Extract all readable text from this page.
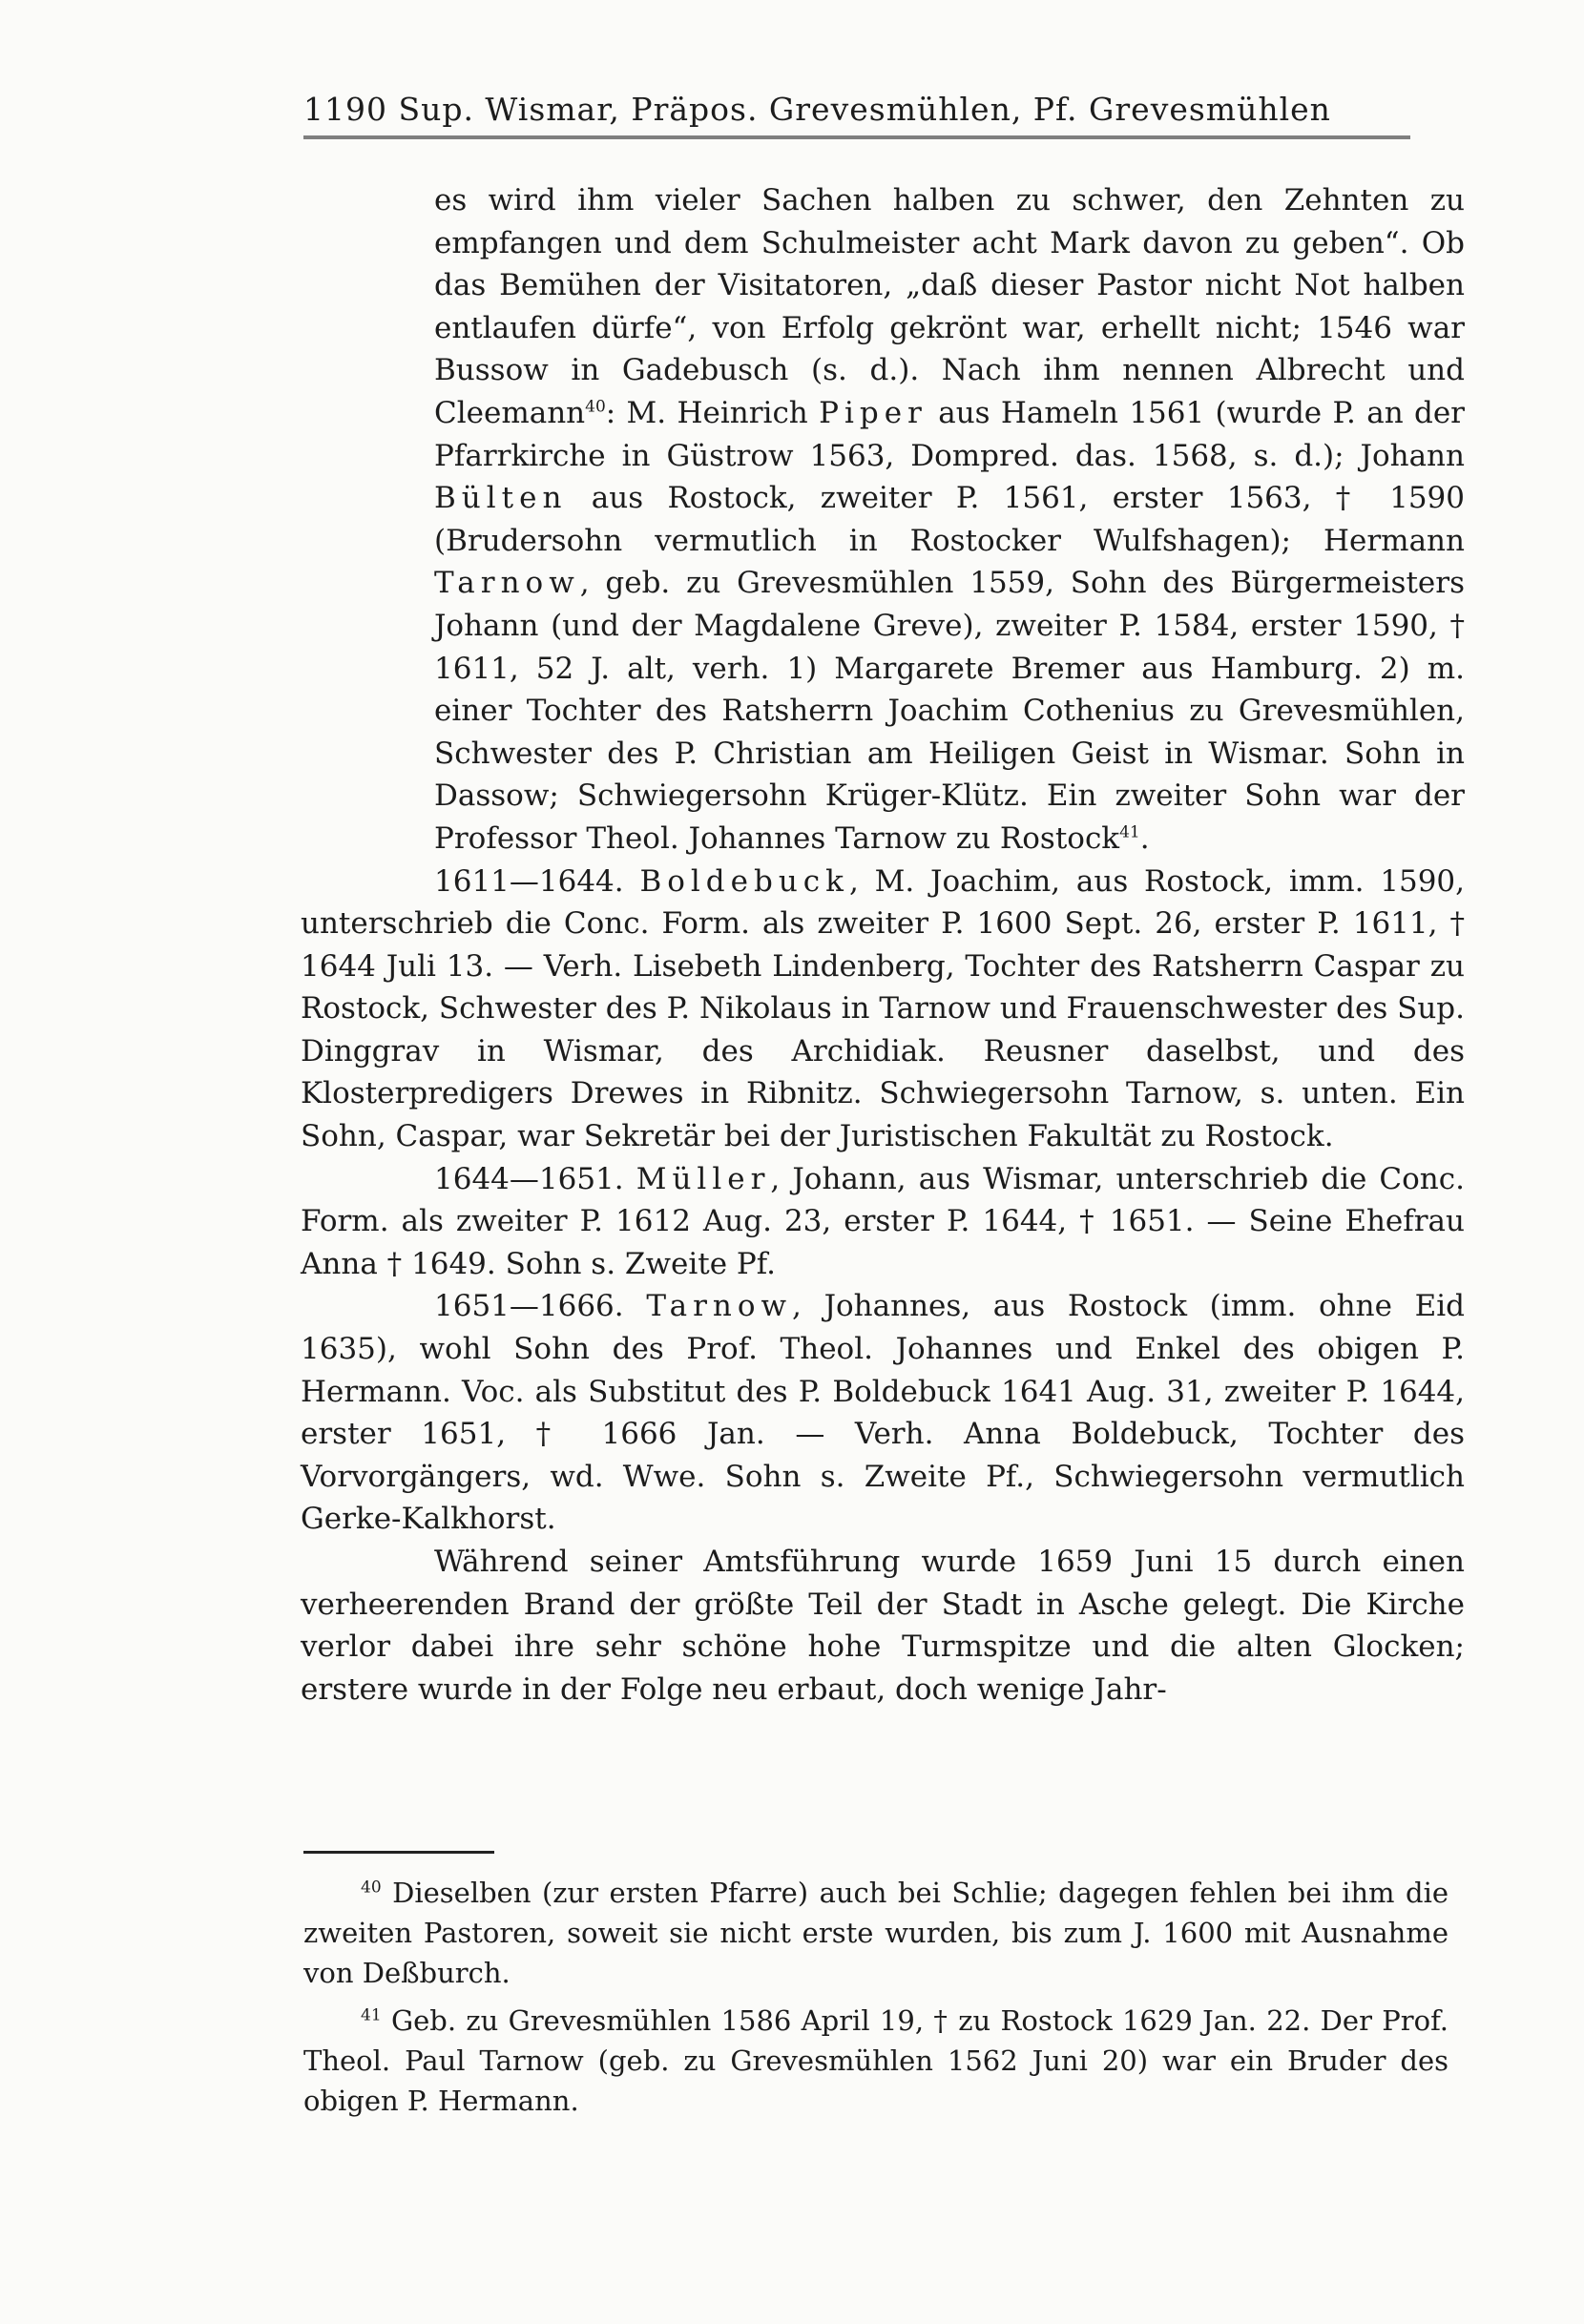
1190 Sup. Wismar, Präpos. Grevesmühlen, Pf. Grevesmühlen

es wird ihm vieler Sachen halben zu schwer, den Zehnten zu empfangen und dem Schulmeister acht Mark davon zu geben“. Ob das Bemühen der Visitatoren, „daß dieser Pastor nicht Not halben entlaufen dürfe“, von Erfolg gekrönt war, erhellt nicht; 1546 war Bussow in Gadebusch (s. d.). Nach ihm nennen Albrecht und Cleemann$^{40}$: M. Heinrich Piper aus Hameln 1561 (wurde P. an der Pfarrkirche in Güstrow 1563, Dompred. das. 1568, s. d.); Johann Bülten aus Rostock, zweiter P. 1561, erster 1563, † 1590 (Brudersohn vermutlich in Rostocker Wulfshagen); Hermann Tarnow, geb. zu Grevesmühlen 1559, Sohn des Bürgermeisters Johann (und der Magdalene Greve), zweiter P. 1584, erster 1590, † 1611, 52 J. alt, verh. 1) Margarete Bremer aus Hamburg. 2) m. einer Tochter des Ratsherrn Joachim Cothenius zu Grevesmühlen, Schwester des P. Christian am Heiligen Geist in Wismar. Sohn in Dassow; Schwiegersohn Krüger-Klütz. Ein zweiter Sohn war der Professor Theol. Johannes Tarnow zu Rostock$^{41}$.

1611—1644. Boldebuck, M. Joachim, aus Rostock, imm. 1590, unterschrieb die Conc. Form. als zweiter P. 1600 Sept. 26, erster P. 1611, † 1644 Juli 13. — Verh. Lisebeth Lindenberg, Tochter des Ratsherrn Caspar zu Rostock, Schwester des P. Nikolaus in Tarnow und Frauenschwester des Sup. Dinggrav in Wismar, des Archidiak. Reusner daselbst, und des Klosterpredigers Drewes in Ribnitz. Schwiegersohn Tarnow, s. unten. Ein Sohn, Caspar, war Sekretär bei der Juristischen Fakultät zu Rostock.

1644—1651. Müller, Johann, aus Wismar, unterschrieb die Conc. Form. als zweiter P. 1612 Aug. 23, erster P. 1644, † 1651. — Seine Ehefrau Anna † 1649. Sohn s. Zweite Pf.

1651—1666. Tarnow, Johannes, aus Rostock (imm. ohne Eid 1635), wohl Sohn des Prof. Theol. Johannes und Enkel des obigen P. Hermann. Voc. als Substitut des P. Boldebuck 1641 Aug. 31, zweiter P. 1644, erster 1651, † 1666 Jan. — Verh. Anna Boldebuck, Tochter des Vorvorgängers, wd. Wwe. Sohn s. Zweite Pf., Schwiegersohn vermutlich Gerke-Kalkhorst.

Während seiner Amtsführung wurde 1659 Juni 15 durch einen verheerenden Brand der größte Teil der Stadt in Asche gelegt. Die Kirche verlor dabei ihre sehr schöne hohe Turmspitze und die alten Glocken; erstere wurde in der Folge neu erbaut, doch wenige Jahr-

$^{40}$ Dieselben (zur ersten Pfarre) auch bei Schlie; dagegen fehlen bei ihm die zweiten Pastoren, soweit sie nicht erste wurden, bis zum J. 1600 mit Ausnahme von Deßburch.

$^{41}$ Geb. zu Grevesmühlen 1586 April 19, † zu Rostock 1629 Jan. 22. Der Prof. Theol. Paul Tarnow (geb. zu Grevesmühlen 1562 Juni 20) war ein Bruder des obigen P. Hermann.
